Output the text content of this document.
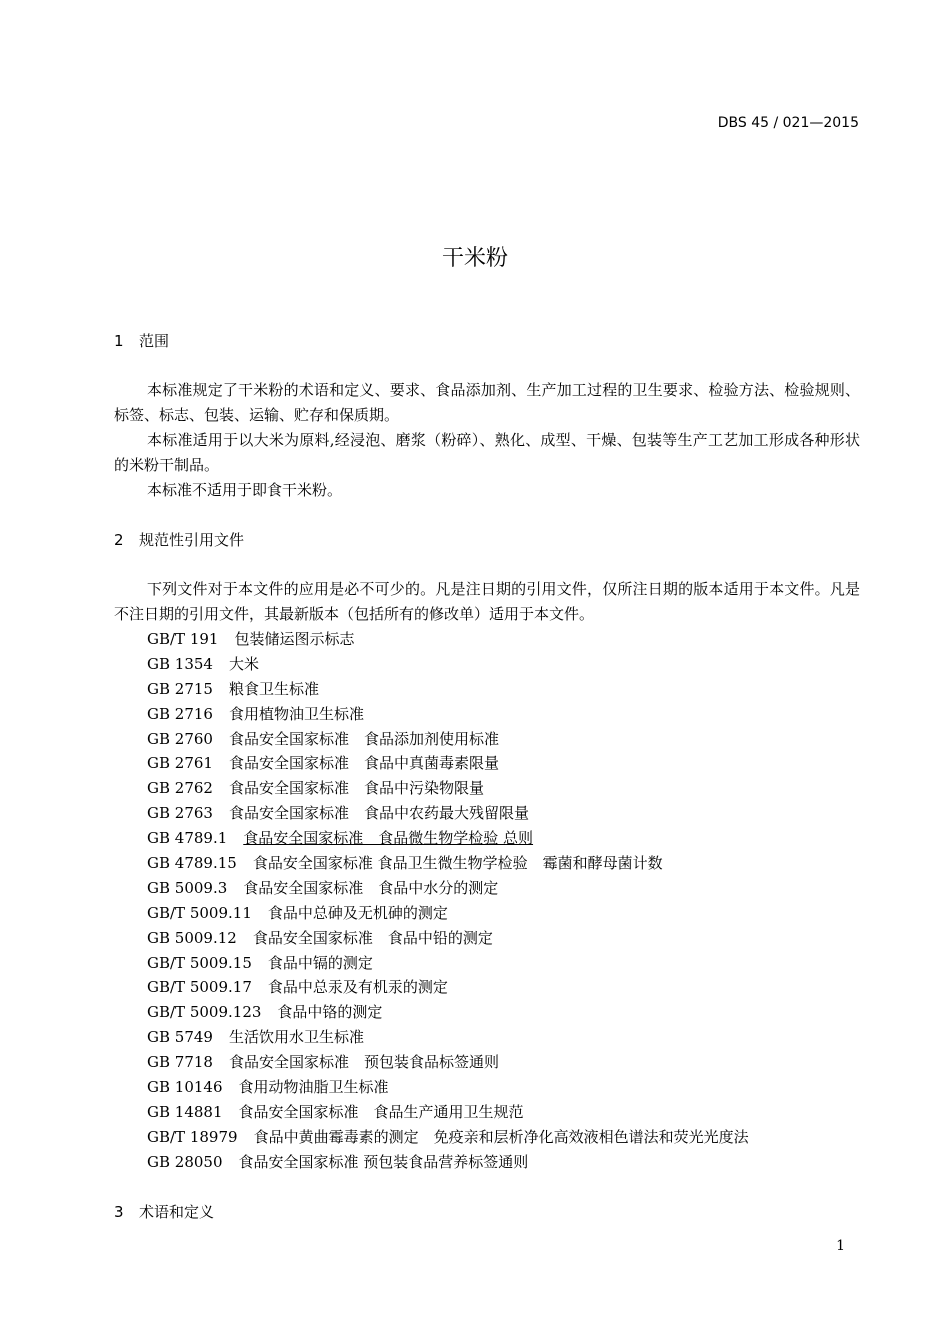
DBS 45 / 021—2015
干米粉
1 范围

本标准规定了干米粉的术语和定义、要求、食品添加剂、生产加工过程的卫生要求、检验方法、检验规则、标签、标志、包装、运输、贮存和保质期。

本标准适用于以大米为原料,经浸泡、磨浆（粉碎）、熟化、成型、干燥、包装等生产工艺加工形成各种形状的米粉干制品。

本标准不适用于即食干米粉。

2 规范性引用文件

下列文件对于本文件的应用是必不可少的。凡是注日期的引用文件，仅所注日期的版本适用于本文件。凡是不注日期的引用文件，其最新版本（包括所有的修改单）适用于本文件。

GB/T 191 包装储运图示标志
GB 1354 大米
GB 2715 粮食卫生标准
GB 2716 食用植物油卫生标准
GB 2760 食品安全国家标准　食品添加剂使用标准
GB 2761 食品安全国家标准　食品中真菌毒素限量
GB 2762 食品安全国家标准　食品中污染物限量
GB 2763 食品安全国家标准　食品中农药最大残留限量
GB 4789.1 食品安全国家标准　食品微生物学检验 总则
GB 4789.15 食品安全国家标准 食品卫生微生物学检验　霉菌和酵母菌计数
GB 5009.3 食品安全国家标准　食品中水分的测定
GB/T 5009.11 食品中总砷及无机砷的测定
GB 5009.12 食品安全国家标准　食品中铅的测定
GB/T 5009.15 食品中镉的测定
GB/T 5009.17 食品中总汞及有机汞的测定
GB/T 5009.123 食品中铬的测定
GB 5749 生活饮用水卫生标准
GB 7718 食品安全国家标准　预包装食品标签通则
GB 10146 食用动物油脂卫生标准
GB 14881 食品安全国家标准　食品生产通用卫生规范
GB/T 18979 食品中黄曲霉毒素的测定　免疫亲和层析净化高效液相色谱法和荧光光度法
GB 28050 食品安全国家标准 预包装食品营养标签通则
3 术语和定义
1
